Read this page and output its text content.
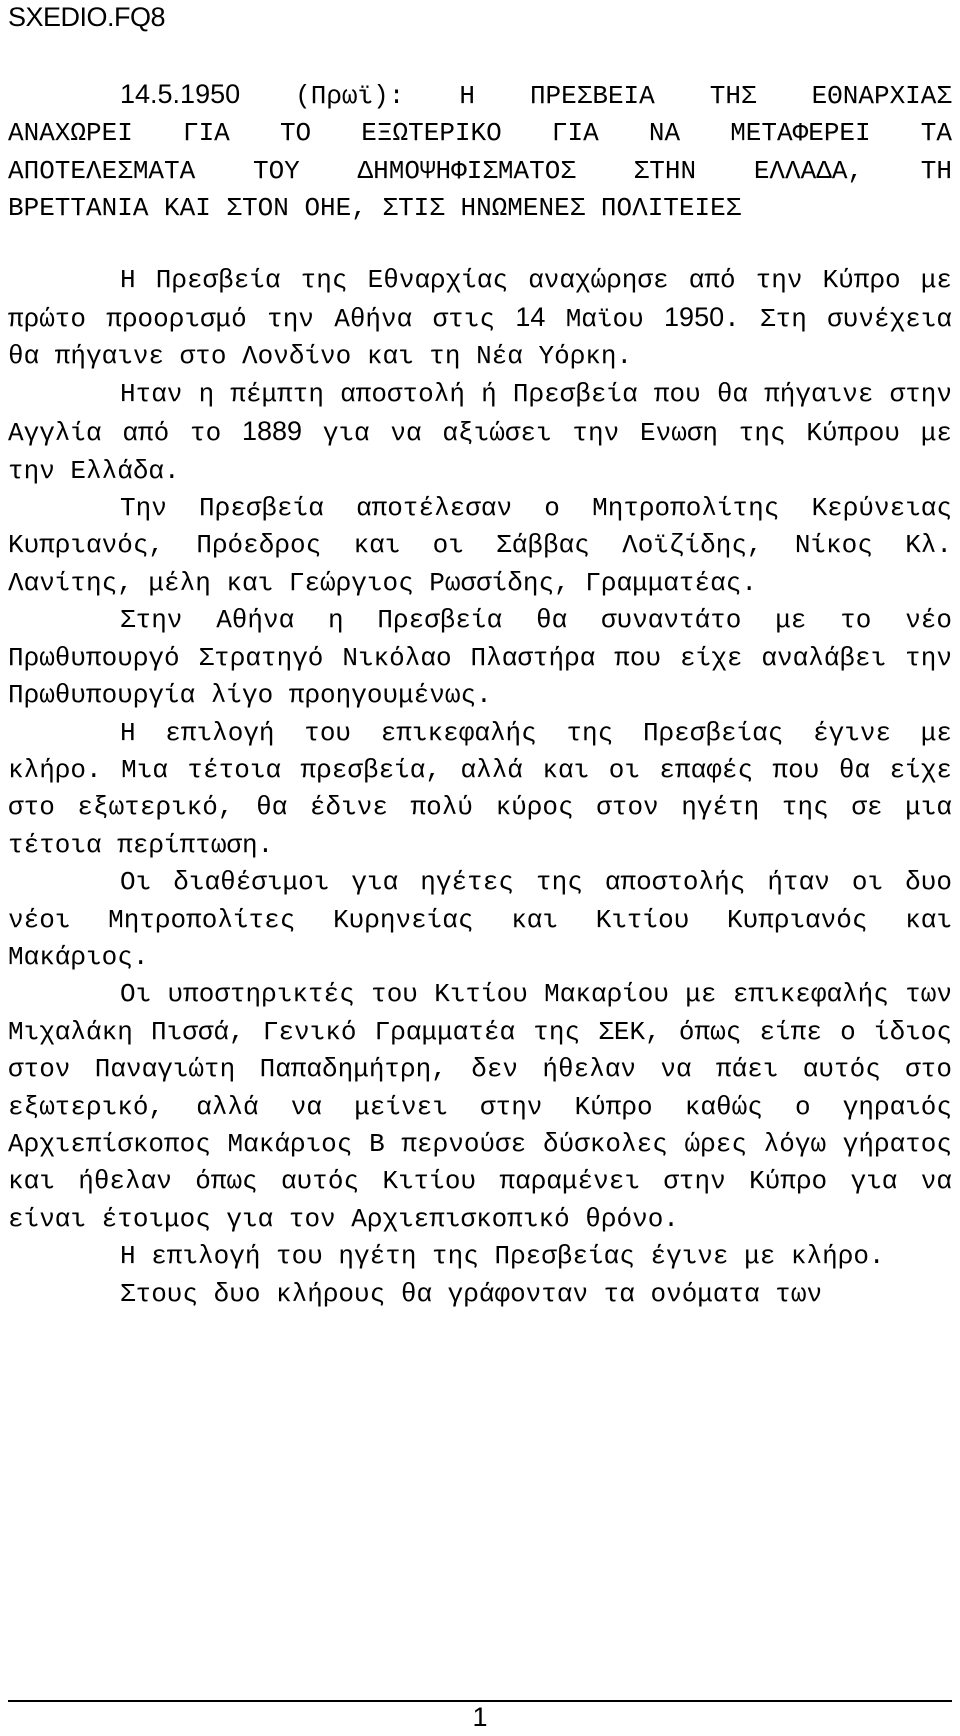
SXEDIO.FQ8
14.5.1950 (Πρωϊ): Η ΠΡΕΣΒΕΙΑ ΤΗΣ ΕΘΝΑΡΧΙΑΣ
ΑΝΑΧΩΡΕΙ ΓΙΑ ΤΟ ΕΞΩΤΕΡΙΚΟ ΓΙΑ ΝΑ ΜΕΤΑΦΕΡΕΙ ΤΑ
ΑΠΟΤΕΛΕΣΜΑΤΑ ΤΟΥ ΔΗΜΟΨΗΦΙΣΜΑΤΟΣ ΣΤΗΝ ΕΛΛΑΔΑ, ΤΗ
ΒΡΕΤΤΑΝΙΑ ΚΑΙ ΣΤΟΝ ΟΗΕ, ΣΤΙΣ ΗΝΩΜΕΝΕΣ ΠΟΛΙΤΕΙΕΣ

Η Πρεσβεία της Εθναρχίας αναχώρησε από την Κύπρο με πρώτο προορισμό την Αθήνα στις 14 Μαϊου 1950. Στη συνέχεια θα πήγαινε στο Λονδίνο και τη Νέα Υόρκη.

Ηταν η πέμπτη αποστολή ή Πρεσβεία που θα πήγαινε στην Αγγλία από το 1889 για να αξιώσει την Ενωση της Κύπρου με την Ελλάδα.

Την Πρεσβεία αποτέλεσαν ο Μητροπολίτης Κερύνειας Κυπριανός, Πρόεδρος και οι Σάββας Λοϊζίδης, Νίκος Κλ. Λανίτης, μέλη και Γεώργιος Ρωσσίδης, Γραμματέας.

Στην Αθήνα η Πρεσβεία θα συναντάτο με το νέο Πρωθυπουργό Στρατηγό Νικόλαο Πλαστήρα που είχε αναλάβει την Πρωθυπουργία λίγο προηγουμένως.

Η επιλογή του επικεφαλής της Πρεσβείας έγινε με κλήρο. Μια τέτοια πρεσβεία, αλλά και οι επαφές που θα είχε στο εξωτερικό, θα έδινε πολύ κύρος στον ηγέτη της σε μια τέτοια περίπτωση.

Οι διαθέσιμοι για ηγέτες της αποστολής ήταν οι δυο νέοι Μητροπολίτες Κυρηνείας και Κιτίου Κυπριανός και Μακάριος.

Οι υποστηρικτές του Κιτίου Μακαρίου με επικεφαλής των Μιχαλάκη Πισσά, Γενικό Γραμματέα της ΣΕΚ, όπως είπε ο ίδιος στον Παναγιώτη Παπαδημήτρη, δεν ήθελαν να πάει αυτός στο εξωτερικό, αλλά να μείνει στην Κύπρο καθώς ο γηραιός Αρχιεπίσκοπος Μακάριος Β περνούσε δύσκολες ώρες λόγω γήρατος και ήθελαν όπως αυτός Κιτίου παραμένει στην Κύπρο για να είναι έτοιμος για τον Αρχιεπισκοπικό θρόνο.

Η επιλογή του ηγέτη της Πρεσβείας έγινε με κλήρο.

Στους δυο κλήρους θα γράφονταν τα ονόματα των

1
